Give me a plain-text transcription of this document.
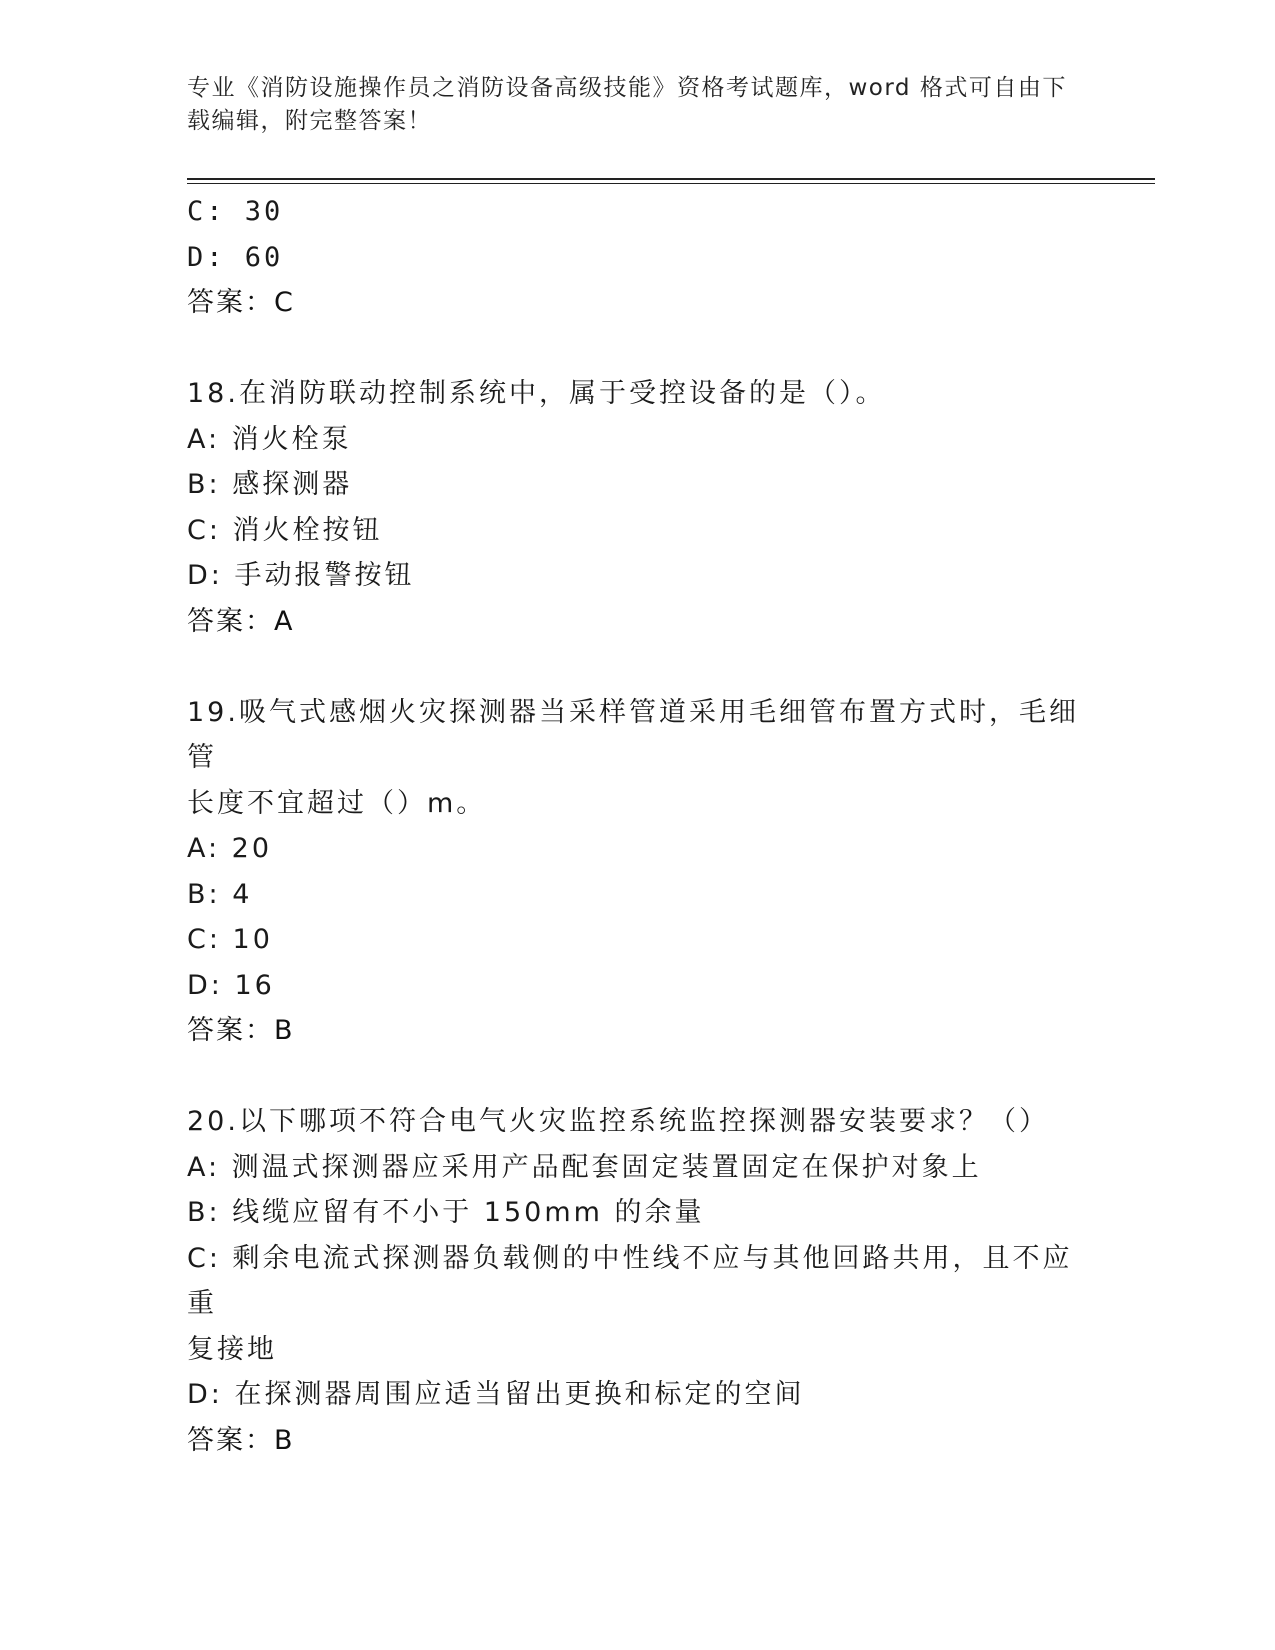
专业《消防设施操作员之消防设备高级技能》资格考试题库，word 格式可自由下
载编辑，附完整答案！
C: 30
D: 60
答案：C
18.在消防联动控制系统中，属于受控设备的是（）。
A: 消火栓泵
B: 感探测器
C: 消火栓按钮
D: 手动报警按钮
答案：A
19.吸气式感烟火灾探测器当采样管道采用毛细管布置方式时，毛细管
长度不宜超过（）m。
A: 20
B: 4
C: 10
D: 16
答案：B
20.以下哪项不符合电气火灾监控系统监控探测器安装要求？（）
A: 测温式探测器应采用产品配套固定装置固定在保护对象上
B: 线缆应留有不小于 150mm 的余量
C: 剩余电流式探测器负载侧的中性线不应与其他回路共用，且不应重
复接地
D: 在探测器周围应适当留出更换和标定的空间
答案：B
